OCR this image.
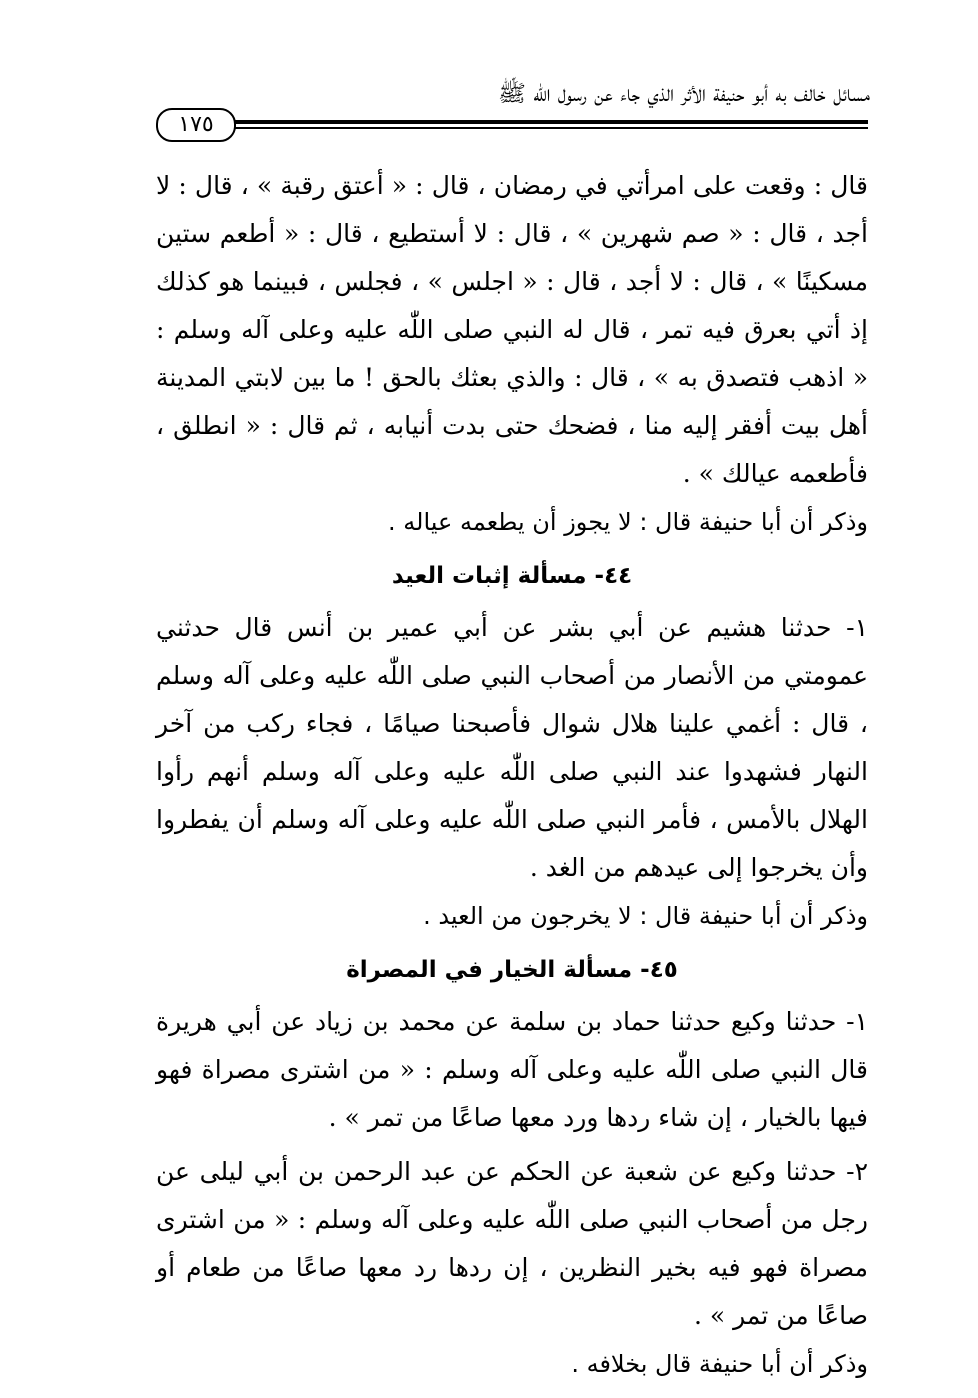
مسائل خالف به أبو حنيفة الأثر الذي جاء عن رسول الله ﷺ
١٧٥

قال : وقعت على امرأتي في رمضان ، قال : « أعتق رقبة » ، قال : لا أجد ، قال : « صم شهرين » ، قال : لا أستطيع ، قال : « أطعم ستين مسكينًا » ، قال : لا أجد ، قال : « اجلس » ، فجلس ، فبينما هو كذلك إذ أتي بعرق فيه تمر ، قال له النبي صلى اللّٰه عليه وعلى آله وسلم : « اذهب فتصدق به » ، قال : والذي بعثك بالحق ! ما بين لابتي المدينة أهل بيت أفقر إليه منا ، فضحك حتى بدت أنيابه ، ثم قال : « انطلق ، فأطعمه عيالك » .

وذكر أن أبا حنيفة قال : لا يجوز أن يطعمه عياله .

٤٤- مسألة إثبات العيد

١- حدثنا هشيم عن أبي بشر عن أبي عمير بن أنس قال حدثني عمومتي من الأنصار من أصحاب النبي صلى اللّٰه عليه وعلى آله وسلم ، قال : أغمي علينا هلال شوال فأصبحنا صيامًا ، فجاء ركب من آخر النهار فشهدوا عند النبي صلى اللّٰه عليه وعلى آله وسلم أنهم رأوا الهلال بالأمس ، فأمر النبي صلى اللّٰه عليه وعلى آله وسلم أن يفطروا وأن يخرجوا إلى عيدهم من الغد .

وذكر أن أبا حنيفة قال : لا يخرجون من العيد .

٤٥- مسألة الخيار في المصراة

١- حدثنا وكيع حدثنا حماد بن سلمة عن محمد بن زياد عن أبي هريرة قال النبي صلى اللّٰه عليه وعلى آله وسلم : « من اشترى مصراة فهو فيها بالخيار ، إن شاء ردها ورد معها صاعًا من تمر » .

٢- حدثنا وكيع عن شعبة عن الحكم عن عبد الرحمن بن أبي ليلى عن رجل من أصحاب النبي صلى اللّٰه عليه وعلى آله وسلم : « من اشترى مصراة فهو فيه بخير النظرين ، إن ردها رد معها صاعًا من طعام أو صاعًا من تمر » .

وذكر أن أبا حنيفة قال بخلافه .
